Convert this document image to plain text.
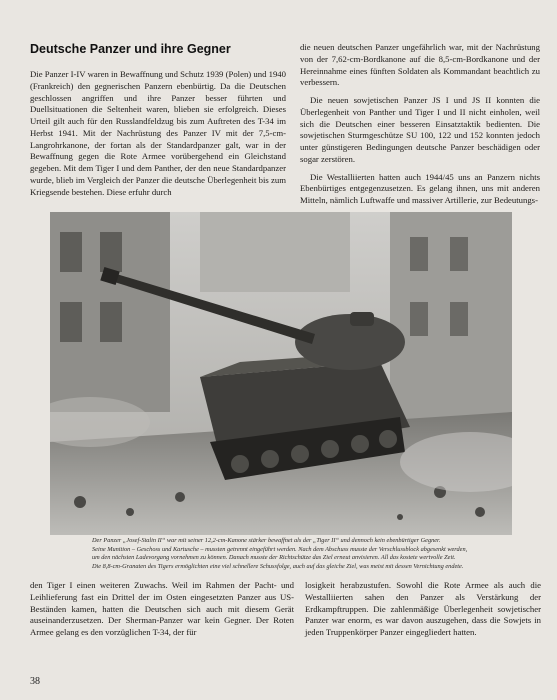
Deutsche Panzer und ihre Gegner

Die Panzer I-IV waren in Bewaffnung und Schutz 1939 (Polen) und 1940 (Frankreich) den gegnerischen Panzern ebenbürtig. Da die Deutschen geschlossen angriffen und ihre Panzer besser führten und Duellsituationen die Seltenheit waren, blieben sie erfolgreich. Dieses Urteil gilt auch für den Russlandfeldzug bis zum Auftreten des T-34 im Herbst 1941. Mit der Nachrüstung des Panzer IV mit der 7,5-cm-Langrohrkanone, der fortan als der Standardpanzer galt, war in der Bewaffnung gegen die Rote Armee vorübergehend ein Gleichstand gegeben. Mit dem Tiger I und dem Panther, der den neue Standardpanzer wurde, blieb im Vergleich der Panzer die deutsche Überlegenheit bis zum Kriegsende bestehen. Diese erfuhr durch

die neuen deutschen Panzer ungefährlich war, mit der Nachrüstung von der 7,62-cm-Bordkanone auf die 8,5-cm-Bordkanone und der Hereinnahme eines fünften Soldaten als Kommandant beachtlich zu verbessern.

Die neuen sowjetischen Panzer JS I und JS II konnten die Überlegenheit von Panther und Tiger I und II nicht einholen, weil sich die Deutschen einer besseren Einsatztaktik bedienten. Die sowjetischen Sturmgeschütze SU 100, 122 und 152 konnten jedoch unter günstigeren Bedingungen deutsche Panzer beschädigen oder sogar zerstören.

Die Westalliierten hatten auch 1944/45 uns an Panzern nichts Ebenbürtiges entgegenzusetzen. Es gelang ihnen, uns mit anderen Mitteln, nämlich Luftwaffe und massiver Artillerie, zur Bedeutungs-

Der Panzer „Josef-Stalin II“ war mit seiner 12,2-cm-Kanone stärker bewaffnet als der „Tiger II“ und dennoch kein ebenbürtiger Gegner.
Seine Munition – Geschoss und Kartusche – mussten getrennt eingeführt werden. Nach dem Abschuss musste der Verschlussblock abgesenkt werden,
um den nächsten Ladevorgang vornehmen zu können. Danach musste der Richtschütze das Ziel erneut anvisieren. All das kostete wertvolle Zeit.
Die 8,8-cm-Granaten des Tigers ermöglichten eine viel schnellere Schussfolge, auch auf das gleiche Ziel, was meist mit dessen Vernichtung endete.

den Tiger I einen weiteren Zuwachs. Weil im Rahmen der Pacht- und Leihlieferung fast ein Drittel der im Osten eingesetzten Panzer aus US-Beständen kamen, hatten die Deutschen sich auch mit diesem Gerät auseinanderzusetzen. Der Sherman-Panzer war kein Gegner. Der Roten Armee gelang es den vorzüglichen T-34, der für

losigkeit herabzustufen. Sowohl die Rote Armee als auch die Westalliierten sahen den Panzer als Verstärkung der Erdkampftruppen. Die zahlenmäßige Überlegenheit sowjetischer Panzer war enorm, es war davon auszugehen, dass die Sowjets in jeden Truppenkörper Panzer eingegliedert hatten.

38
